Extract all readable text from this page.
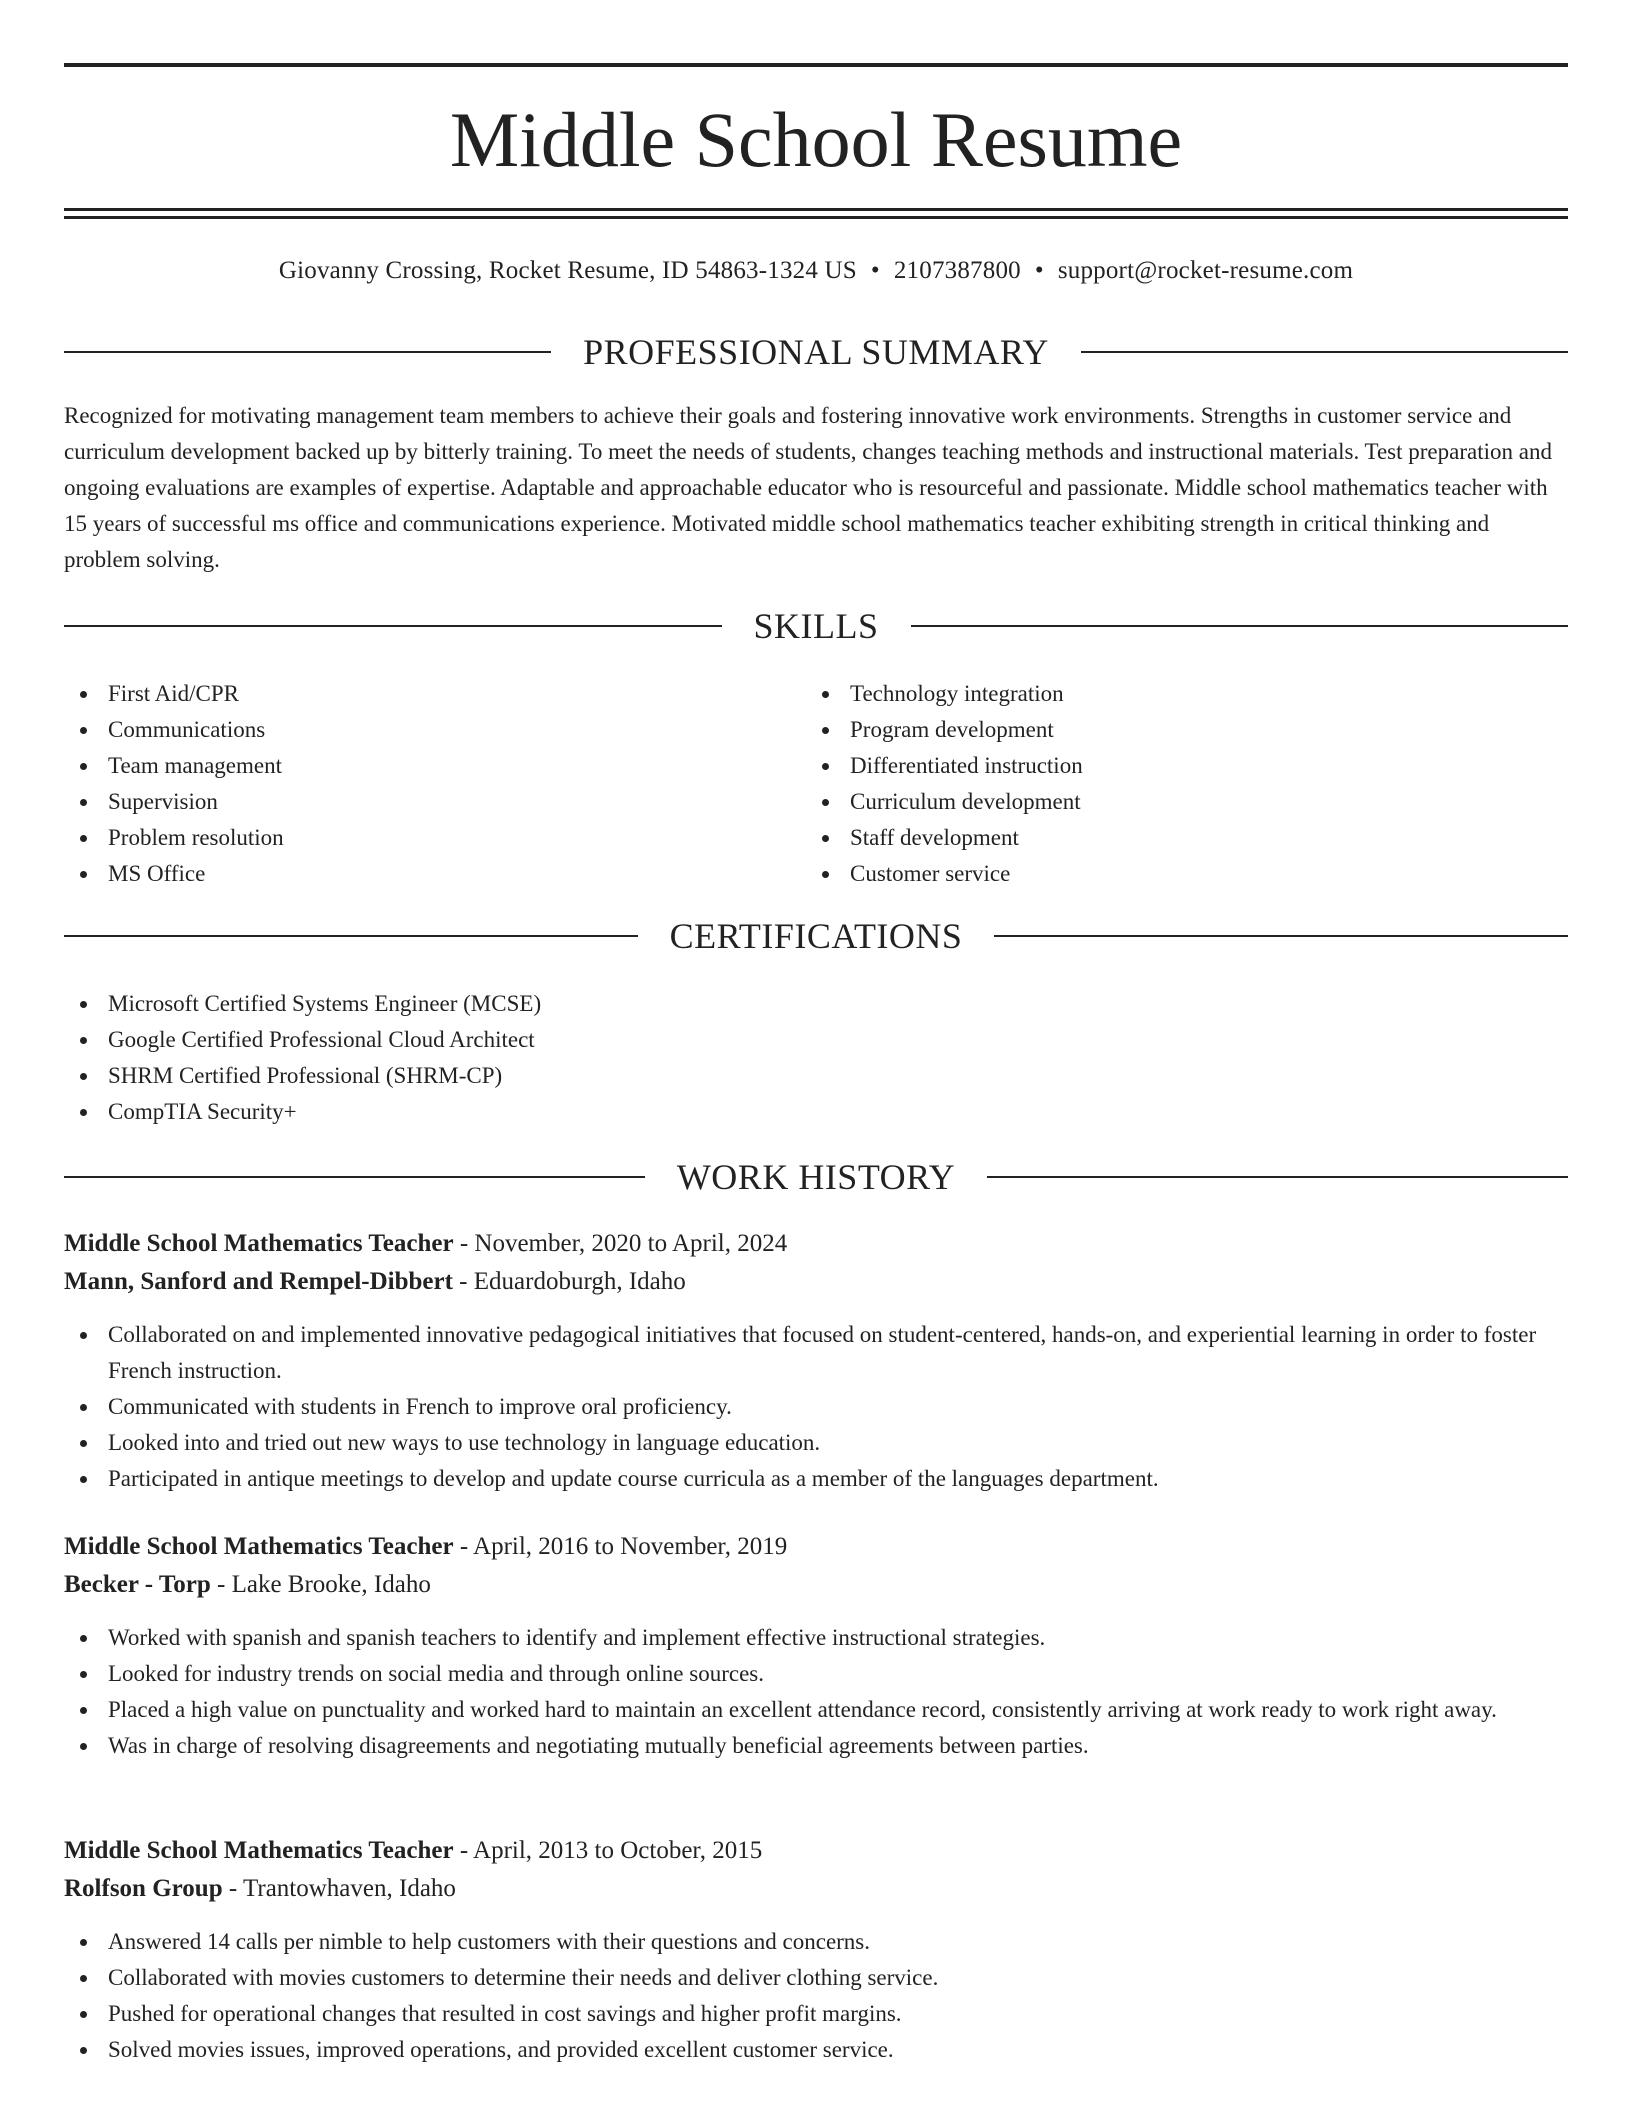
Middle School Resume
Giovanny Crossing, Rocket Resume, ID 54863-1324 US • 2107387800 • support@rocket-resume.com
PROFESSIONAL SUMMARY
Recognized for motivating management team members to achieve their goals and fostering innovative work environments. Strengths in customer service and curriculum development backed up by bitterly training. To meet the needs of students, changes teaching methods and instructional materials. Test preparation and ongoing evaluations are examples of expertise. Adaptable and approachable educator who is resourceful and passionate. Middle school mathematics teacher with 15 years of successful ms office and communications experience. Motivated middle school mathematics teacher exhibiting strength in critical thinking and problem solving.
SKILLS
First Aid/CPR
Communications
Team management
Supervision
Problem resolution
MS Office
Technology integration
Program development
Differentiated instruction
Curriculum development
Staff development
Customer service
CERTIFICATIONS
Microsoft Certified Systems Engineer (MCSE)
Google Certified Professional Cloud Architect
SHRM Certified Professional (SHRM-CP)
CompTIA Security+
WORK HISTORY
Middle School Mathematics Teacher - November, 2020 to April, 2024
Mann, Sanford and Rempel-Dibbert - Eduardoburgh, Idaho
Collaborated on and implemented innovative pedagogical initiatives that focused on student-centered, hands-on, and experiential learning in order to foster French instruction.
Communicated with students in French to improve oral proficiency.
Looked into and tried out new ways to use technology in language education.
Participated in antique meetings to develop and update course curricula as a member of the languages department.
Middle School Mathematics Teacher - April, 2016 to November, 2019
Becker - Torp - Lake Brooke, Idaho
Worked with spanish and spanish teachers to identify and implement effective instructional strategies.
Looked for industry trends on social media and through online sources.
Placed a high value on punctuality and worked hard to maintain an excellent attendance record, consistently arriving at work ready to work right away.
Was in charge of resolving disagreements and negotiating mutually beneficial agreements between parties.
Middle School Mathematics Teacher - April, 2013 to October, 2015
Rolfson Group - Trantowhaven, Idaho
Answered 14 calls per nimble to help customers with their questions and concerns.
Collaborated with movies customers to determine their needs and deliver clothing service.
Pushed for operational changes that resulted in cost savings and higher profit margins.
Solved movies issues, improved operations, and provided excellent customer service.
